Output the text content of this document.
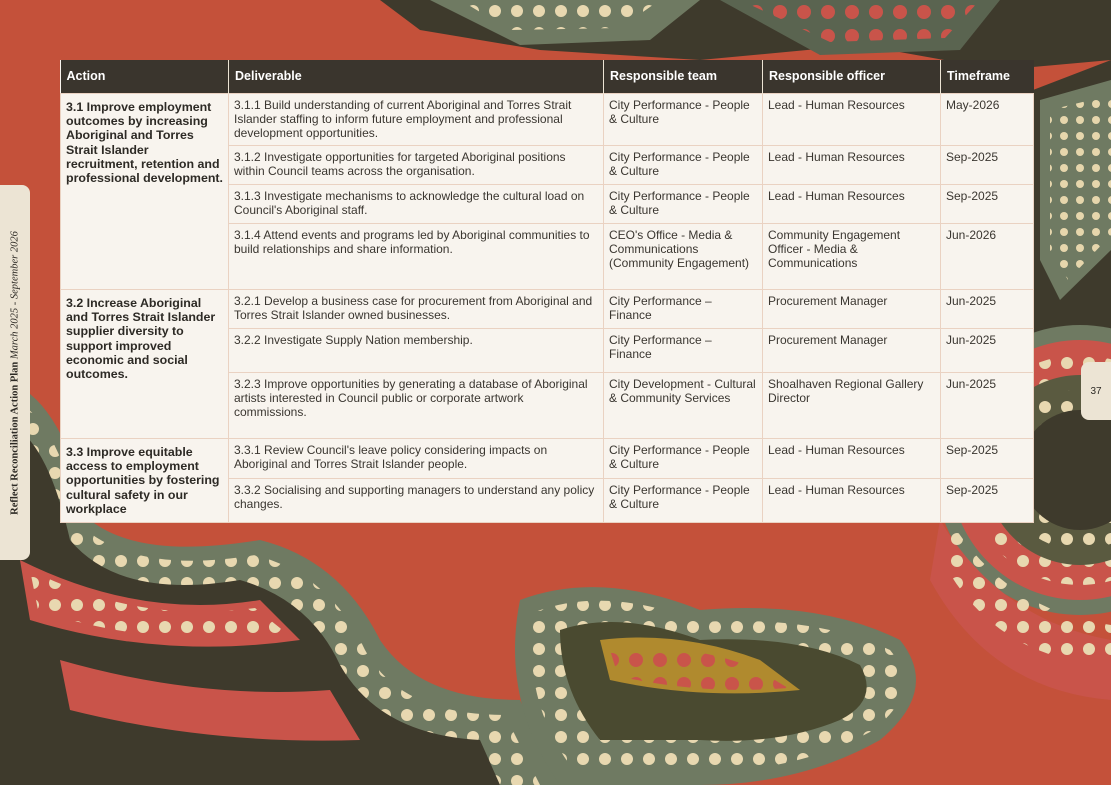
Reflect Reconciliation Action Plan March 2025 - September 2026
37
Action	Deliverable	Responsible team	Responsible officer	Timeframe
3.1 Improve employment outcomes by increasing Aboriginal and Torres Strait Islander recruitment, retention and professional development.	3.1.1 Build understanding of current Aboriginal and Torres Strait Islander staffing to inform future employment and professional development opportunities.	City Performance - People & Culture	Lead - Human Resources	May-2026
	3.1.2 Investigate opportunities for targeted Aboriginal positions within Council teams across the organisation.	City Performance - People & Culture	Lead - Human Resources	Sep-2025
	3.1.3 Investigate mechanisms to acknowledge the cultural load on Council's Aboriginal staff.	City Performance - People & Culture	Lead - Human Resources	Sep-2025
	3.1.4 Attend events and programs led by Aboriginal communities to build relationships and share information.	CEO's Office - Media & Communications (Community Engagement)	Community Engagement Officer - Media & Communications	Jun-2026
3.2 Increase Aboriginal and Torres Strait Islander supplier diversity to support improved economic and social outcomes.	3.2.1 Develop a business case for procurement from Aboriginal and Torres Strait Islander owned businesses.	City Performance – Finance	Procurement Manager	Jun-2025
	3.2.2 Investigate Supply Nation membership.	City Performance – Finance	Procurement Manager	Jun-2025
	3.2.3 Improve opportunities by generating a database of Aboriginal artists interested in Council public or corporate artwork commissions.	City Development - Cultural & Community Services	Shoalhaven Regional Gallery Director	Jun-2025
3.3 Improve equitable access to employment opportunities by fostering cultural safety in our workplace	3.3.1 Review Council's leave policy considering impacts on Aboriginal and Torres Strait Islander people.	City Performance - People & Culture	Lead - Human Resources	Sep-2025
	3.3.2 Socialising and supporting managers to understand any policy changes.	City Performance - People & Culture	Lead - Human Resources	Sep-2025
